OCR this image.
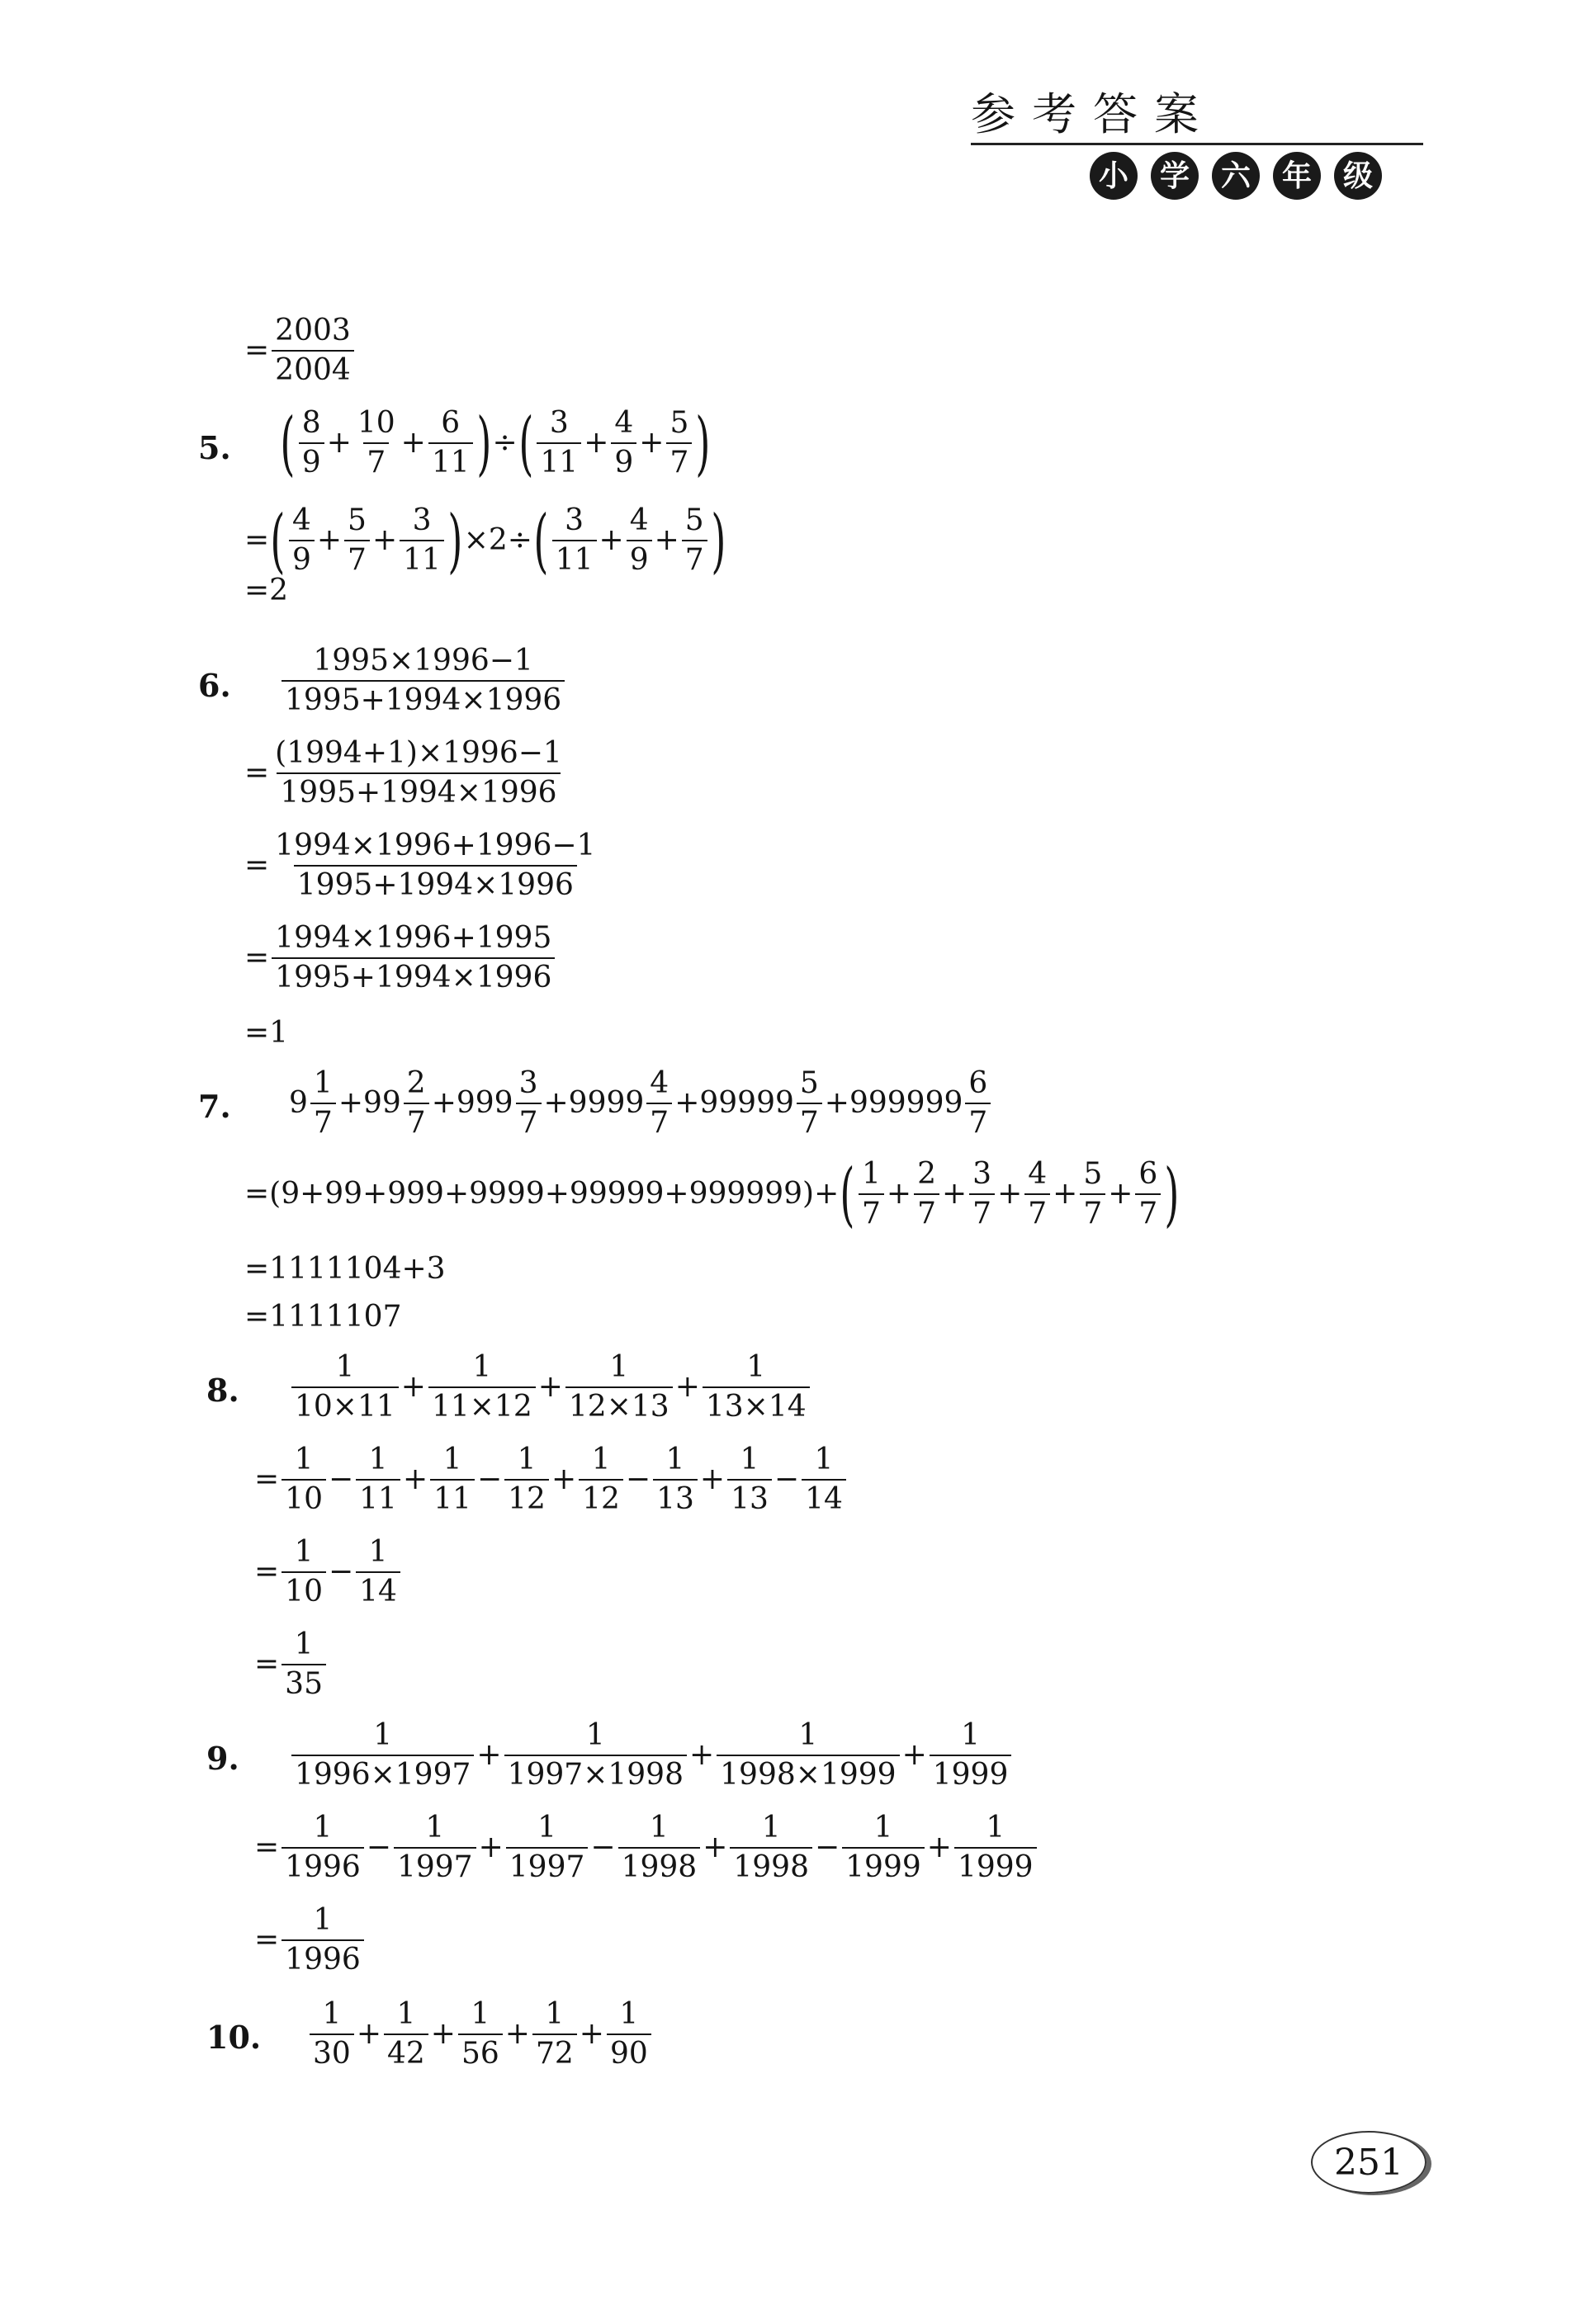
参考答案
小	学	六	年	级
= $\frac{2003}{2004}$
5. ( $\frac{8}{9} + \frac{10}{7} + \frac{6}{11}$ ) ÷ ( $\frac{3}{11} + \frac{4}{9} + \frac{5}{7}$ )
= ( $\frac{4}{9} + \frac{5}{7} + \frac{3}{11}$ ) ×2÷ ( $\frac{3}{11} + \frac{4}{9} + \frac{5}{7}$ )
=2
6. $\frac{1995\times 1996-1}{1995+1994\times 1996}$
= $\frac{(1994+1)\times 1996-1}{1995+1994\times 1996}$
= $\frac{1994\times 1996+1996-1}{1995+1994\times 1996}$
= $\frac{1994\times 1996+1995}{1995+1994\times 1996}$
=1
7. $9 \frac{1}{7} +99 \frac{2}{7} +999 \frac{3}{7} +9999 \frac{4}{7} +99999 \frac{5}{7} +999999 \frac{6}{7}$
=(9+99+999+9999+99999+999999)+ ( $\frac{1}{7} + \frac{2}{7} + \frac{3}{7} + \frac{4}{7} + \frac{5}{7} + \frac{6}{7}$ )
=1111104+3
=1111107
8. $\frac{1}{10\times 11} + \frac{1}{11\times 12} + \frac{1}{12\times 13} + \frac{1}{13\times 14}$
= $\frac{1}{10} - \frac{1}{11} + \frac{1}{11} - \frac{1}{12} + \frac{1}{12} - \frac{1}{13} + \frac{1}{13} - \frac{1}{14}$
= $\frac{1}{10} - \frac{1}{14}$
= $\frac{1}{35}$
9. $\frac{1}{1996\times 1997} + \frac{1}{1997\times 1998} + \frac{1}{1998\times 1999} + \frac{1}{1999}$
= $\frac{1}{1996} - \frac{1}{1997} + \frac{1}{1997} - \frac{1}{1998} + \frac{1}{1998} - \frac{1}{1999} + \frac{1}{1999}$
= $\frac{1}{1996}$
10. $\frac{1}{30} + \frac{1}{42} + \frac{1}{56} + \frac{1}{72} + \frac{1}{90}$
251
